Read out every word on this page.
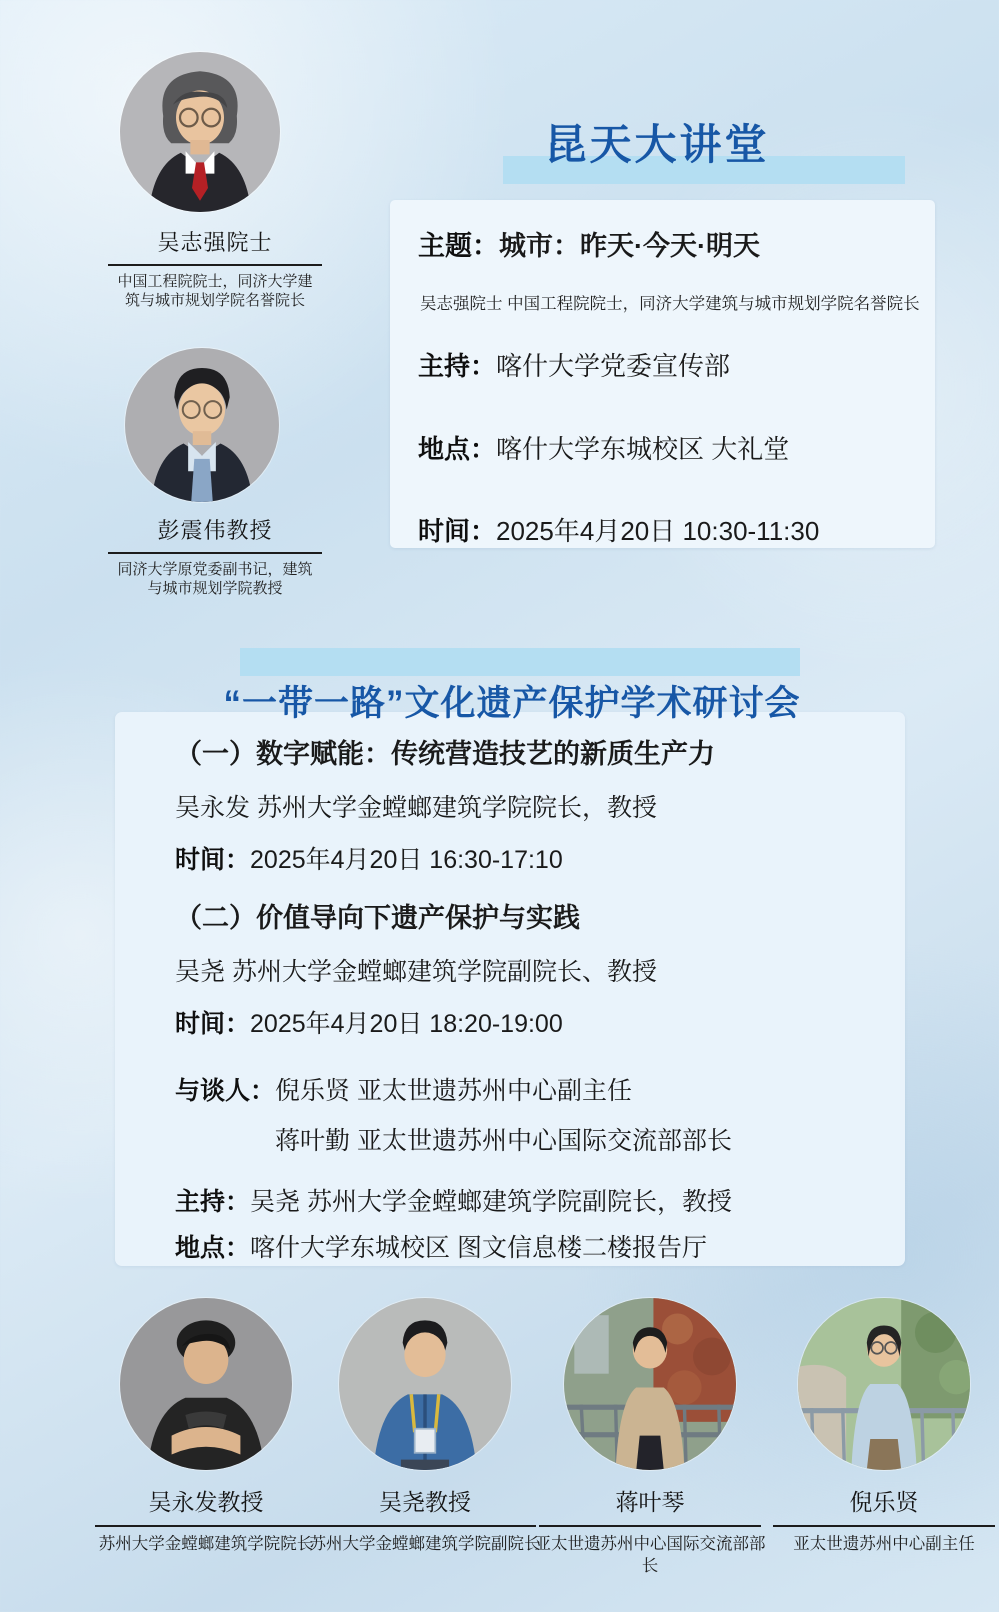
吴志强院士
中国工程院院士，同济大学建
筑与城市规划学院名誉院长
彭震伟教授
同济大学原党委副书记，建筑
与城市规划学院教授
昆天大讲堂
主题：城市：昨天·今天·明天
吴志强院士 中国工程院院士，同济大学建筑与城市规划学院名誉院长
主持：喀什大学党委宣传部
地点：喀什大学东城校区 大礼堂
时间：2025年4月20日 10:30-11:30
“一带一路”文化遗产保护学术研讨会
（一）数字赋能：传统营造技艺的新质生产力
吴永发 苏州大学金螳螂建筑学院院长，教授
时间：2025年4月20日 16:30-17:10
（二）价值导向下遗产保护与实践
吴尧 苏州大学金螳螂建筑学院副院长、教授
时间：2025年4月20日 18:20-19:00
与谈人： 倪乐贤 亚太世遗苏州中心副主任
蒋叶勤 亚太世遗苏州中心国际交流部部长
主持：吴尧 苏州大学金螳螂建筑学院副院长，教授
地点：喀什大学东城校区 图文信息楼二楼报告厅
吴永发教授
苏州大学金螳螂建筑学院院长
吴尧教授
苏州大学金螳螂建筑学院副院长
蒋叶琴
亚太世遗苏州中心国际交流部部长
倪乐贤
亚太世遗苏州中心副主任
